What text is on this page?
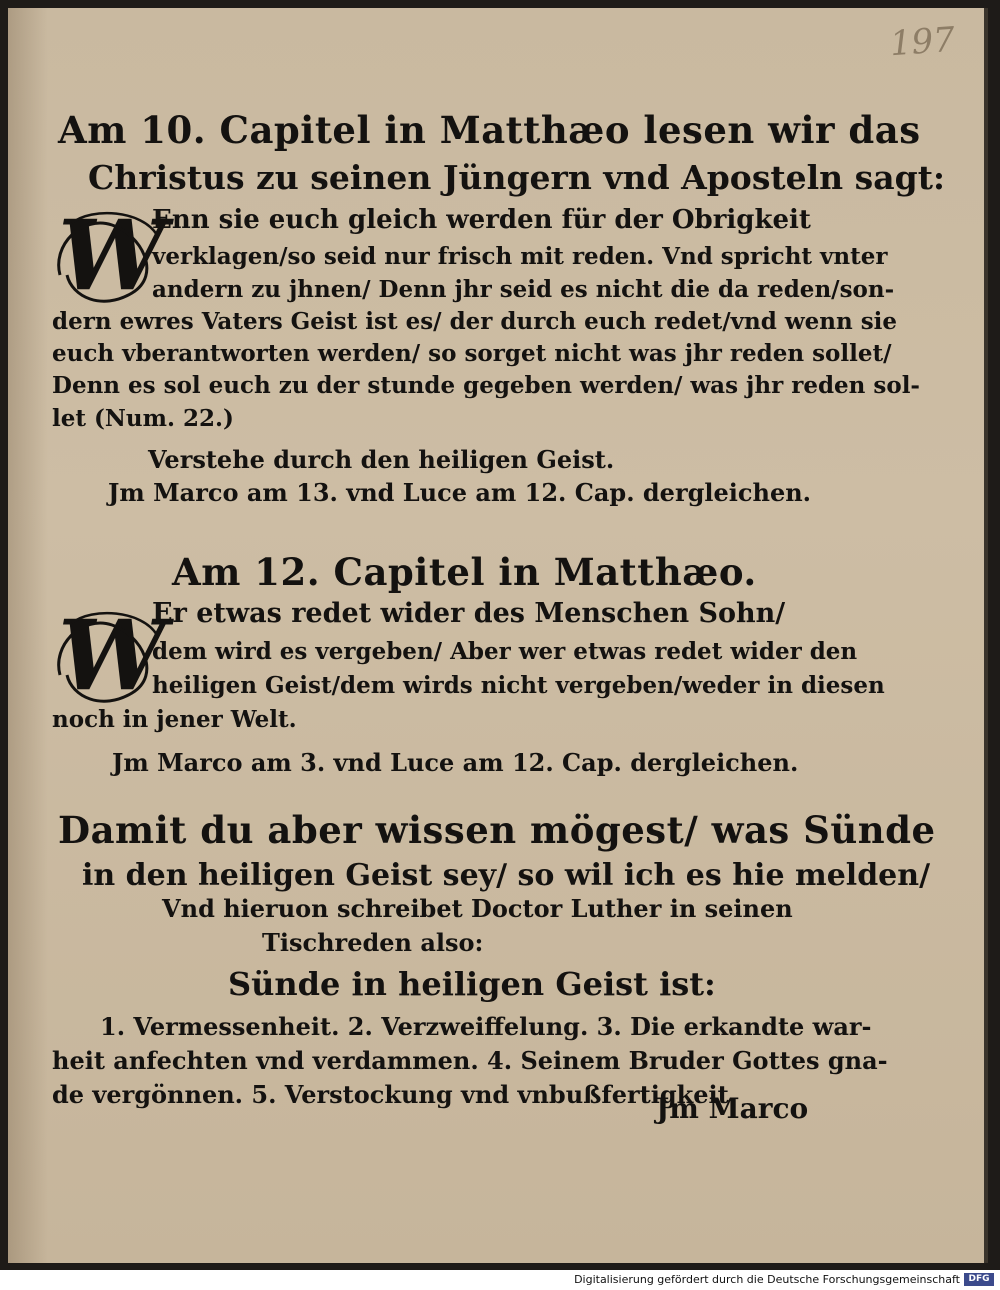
197
Am 10. Capitel in Matthæo lesen wir das
Christus zu seinen Jüngern vnd Aposteln sagt:
W
Enn sie euch gleich werden für der Obrigkeit
verklagen/so seid nur frisch mit reden. Vnd spricht vnter
andern zu jhnen/ Denn jhr seid es nicht die da reden/son-
dern ewres Vaters Geist ist es/ der durch euch redet/vnd wenn sie
euch vberantworten werden/ so sorget nicht was jhr reden sollet/
Denn es sol euch zu der stunde gegeben werden/ was jhr reden sol-
let (Num. 22.)
Verstehe durch den heiligen Geist.
Jm Marco am 13. vnd Luce am 12. Cap. dergleichen.
Am 12. Capitel in Matthæo.
W
Er etwas redet wider des Menschen Sohn/
dem wird es vergeben/ Aber wer etwas redet wider den
heiligen Geist/dem wirds nicht vergeben/weder in diesen
noch in jener Welt.
Jm Marco am 3. vnd Luce am 12. Cap. dergleichen.
Damit du aber wissen mögest/ was Sünde
in den heiligen Geist sey/ so wil ich es hie melden/
Vnd hieruon schreibet Doctor Luther in seinen
Tischreden also:
Sünde in heiligen Geist ist:
1. Vermessenheit. 2. Verzweiffelung. 3. Die erkandte war-
heit anfechten vnd verdammen. 4. Seinem Bruder Gottes gna-
de vergönnen. 5. Verstockung vnd vnbußfertigkeit.
Jm Marco
Digitalisierung gefördert durch die Deutsche Forschungsgemeinschaft DFG
